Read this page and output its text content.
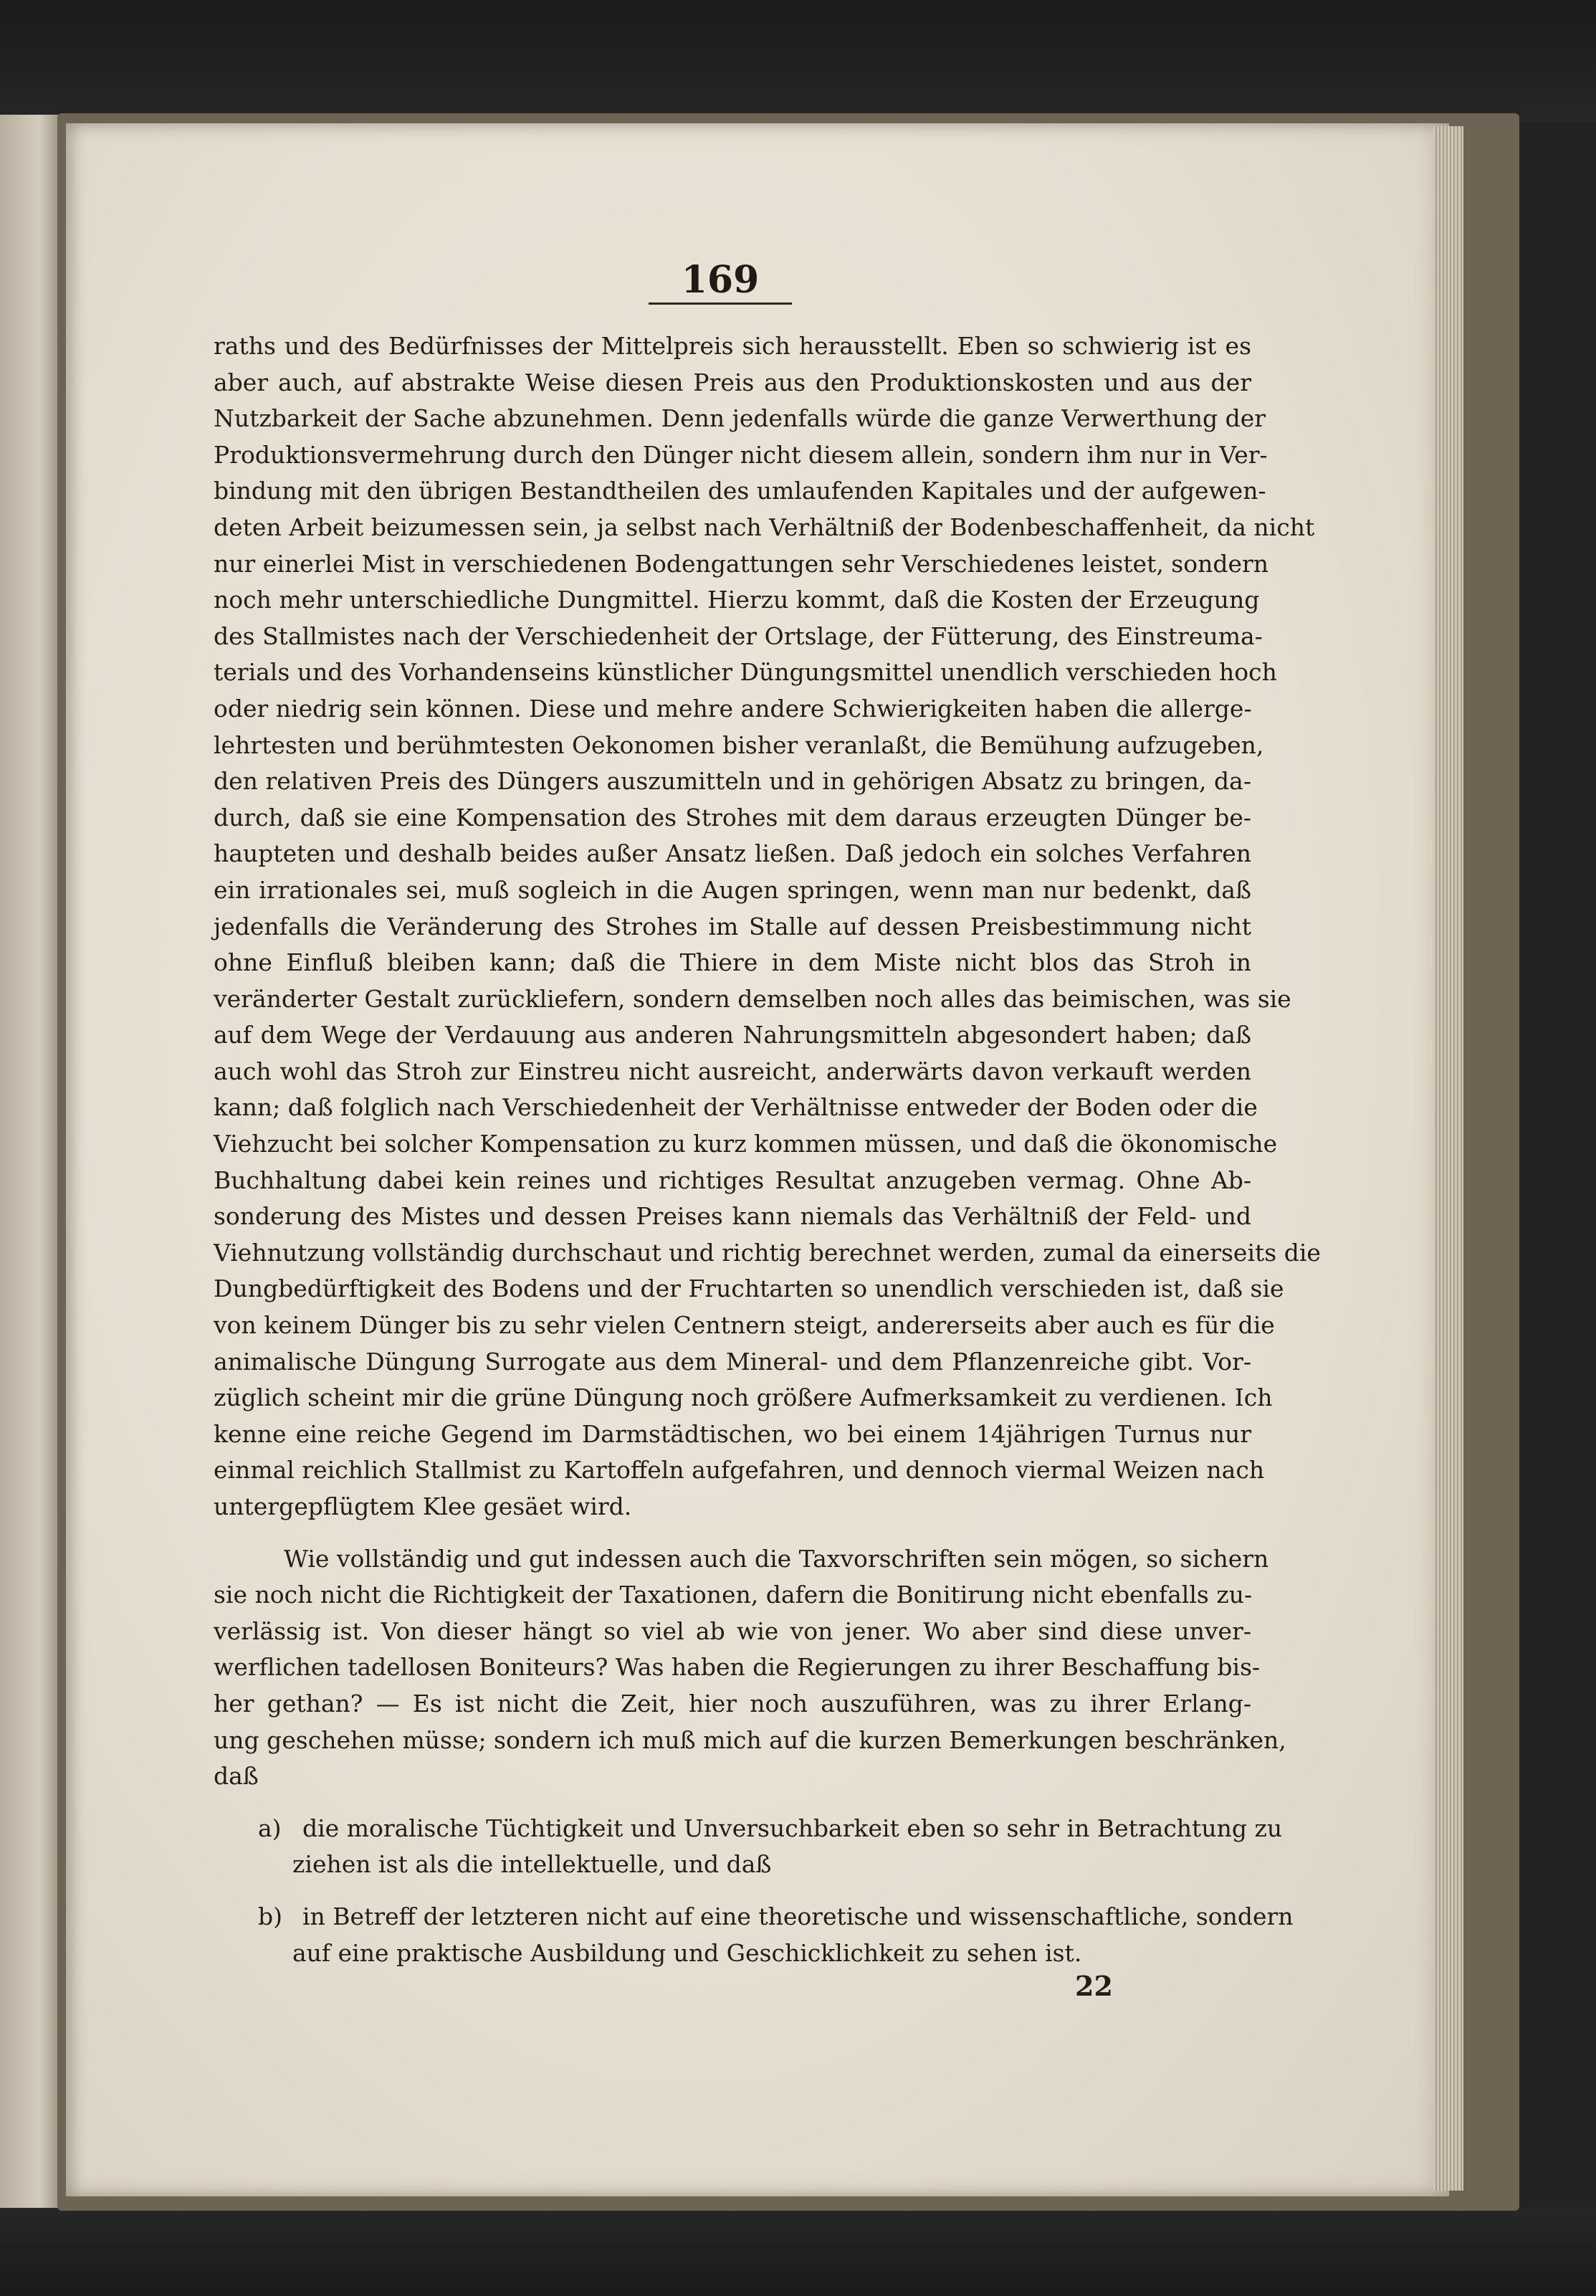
169
raths und des Bedürfnisses der Mittelpreis sich herausstellt. Eben so schwierig ist es
aber auch, auf abstrakte Weise diesen Preis aus den Produktionskosten und aus der
Nutzbarkeit der Sache abzunehmen. Denn jedenfalls würde die ganze Verwerthung der
Produktionsvermehrung durch den Dünger nicht diesem allein, sondern ihm nur in Ver-
bindung mit den übrigen Bestandtheilen des umlaufenden Kapitales und der aufgewen-
deten Arbeit beizumessen sein, ja selbst nach Verhältniß der Bodenbeschaffenheit, da nicht
nur einerlei Mist in verschiedenen Bodengattungen sehr Verschiedenes leistet, sondern
noch mehr unterschiedliche Dungmittel. Hierzu kommt, daß die Kosten der Erzeugung
des Stallmistes nach der Verschiedenheit der Ortslage, der Fütterung, des Einstreuma-
terials und des Vorhandenseins künstlicher Düngungsmittel unendlich verschieden hoch
oder niedrig sein können. Diese und mehre andere Schwierigkeiten haben die allerge-
lehrtesten und berühmtesten Oekonomen bisher veranlaßt, die Bemühung aufzugeben,
den relativen Preis des Düngers auszumitteln und in gehörigen Absatz zu bringen, da-
durch, daß sie eine Kompensation des Strohes mit dem daraus erzeugten Dünger be-
haupteten und deshalb beides außer Ansatz ließen. Daß jedoch ein solches Verfahren
ein irrationales sei, muß sogleich in die Augen springen, wenn man nur bedenkt, daß
jedenfalls die Veränderung des Strohes im Stalle auf dessen Preisbestimmung nicht
ohne Einfluß bleiben kann; daß die Thiere in dem Miste nicht blos das Stroh in
veränderter Gestalt zurückliefern, sondern demselben noch alles das beimischen, was sie
auf dem Wege der Verdauung aus anderen Nahrungsmitteln abgesondert haben; daß
auch wohl das Stroh zur Einstreu nicht ausreicht, anderwärts davon verkauft werden
kann; daß folglich nach Verschiedenheit der Verhältnisse entweder der Boden oder die
Viehzucht bei solcher Kompensation zu kurz kommen müssen, und daß die ökonomische
Buchhaltung dabei kein reines und richtiges Resultat anzugeben vermag. Ohne Ab-
sonderung des Mistes und dessen Preises kann niemals das Verhältniß der Feld- und
Viehnutzung vollständig durchschaut und richtig berechnet werden, zumal da einerseits die
Dungbedürftigkeit des Bodens und der Fruchtarten so unendlich verschieden ist, daß sie
von keinem Dünger bis zu sehr vielen Centnern steigt, andererseits aber auch es für die
animalische Düngung Surrogate aus dem Mineral- und dem Pflanzenreiche gibt. Vor-
züglich scheint mir die grüne Düngung noch größere Aufmerksamkeit zu verdienen. Ich
kenne eine reiche Gegend im Darmstädtischen, wo bei einem 14jährigen Turnus nur
einmal reichlich Stallmist zu Kartoffeln aufgefahren, und dennoch viermal Weizen nach
untergepflügtem Klee gesäet wird.
Wie vollständig und gut indessen auch die Taxvorschriften sein mögen, so sichern
sie noch nicht die Richtigkeit der Taxationen, dafern die Bonitirung nicht ebenfalls zu-
verlässig ist. Von dieser hängt so viel ab wie von jener. Wo aber sind diese unver-
werflichen tadellosen Boniteurs? Was haben die Regierungen zu ihrer Beschaffung bis-
her gethan? — Es ist nicht die Zeit, hier noch auszuführen, was zu ihrer Erlang-
ung geschehen müsse; sondern ich muß mich auf die kurzen Bemerkungen beschränken,
daß
a) die moralische Tüchtigkeit und Unversuchbarkeit eben so sehr in Betrachtung zu
ziehen ist als die intellektuelle, und daß
b) in Betreff der letzteren nicht auf eine theoretische und wissenschaftliche, sondern
auf eine praktische Ausbildung und Geschicklichkeit zu sehen ist.
22
